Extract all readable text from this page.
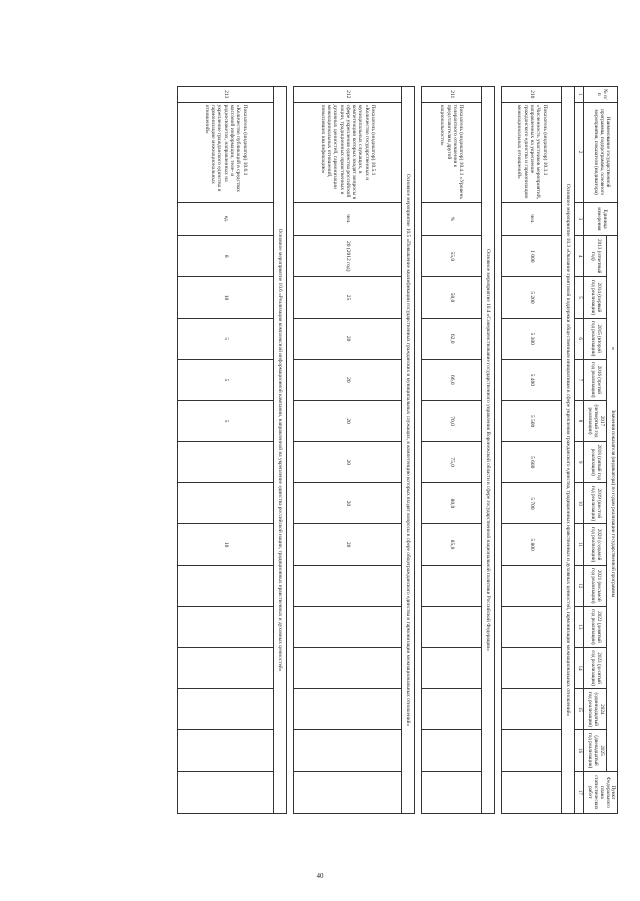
№ п/п	Наименование государственной программы, подпрограммы, основного мероприятия, показателя (индикатора)	Единица измерения	Значения показателя (индикатора) по годам реализации государственной программы													Пункт Федерального плана статистических работ
			2013 (отчетный год)	2014 (первый год реализации)	2015 (второй год реализации)	2016 (третий год реализации)	2017 (четвертый год реализации)	2018 (пятый год реализации)	2019 (шестой год реализации)	2020 (седьмой год реализации)	2021 (восьмой год реализации)	2022 (девятый год реализации)	2023 (десятый год реализации)	2024 (одиннадцатый год реализации)	2025 (двенадцатый год реализации)	
1	2	3	4	5	6	7	8	9	10	11	12	13	14	15	16	17
Основное мероприятие 10.3 «Оказание грантовой поддержки общественным инициативам в сфере укрепления гражданского единства, традиционных нравственных и духовных ценностей, гармонизации межнациональных отношений»																
210	Показатель (индикатор) 10.3.1 «Численность участников мероприятий, направленных на укрепление гражданского единства и гармонизацию межнациональных отношений»	чел.	1 000	5 200	5 300	5 400	5 500	5 600	5 700	5 800						

Основное мероприятие 10.4 «Совершенствование государственного управления Воронежской области в сфере государственной национальной политики Российской Федерации»																
211	Показатель (индикатор) 10.4.1 «Уровень толерантного отношения к представителям другой национальности»	%	55,0	58,0	62,0	66,0	70,0	75,0	80,0	85,0						

Основное мероприятие 10.5 «Повышение квалификации государственных гражданских и муниципальных служащих, в компетенцию которых входят вопросы в сфере общегражданского единства и гармонизации межнациональных отношений»																
212	Показатель (индикатор) 10.5.1 «Количество государственных и муниципальных служащих, в компетенцию которых входят вопросы в сфере укрепления единства российской нации, традиционных нравственных и духовных ценностей, гармонизации межнациональных отношений, повысивших квалификацию»	чел.	20 (2012 год)	25	20	20	20	20	20	20						

Основное мероприятие 10.6 «Реализация комплексной информационной кампании, направленной на укрепление единства российской нации, традиционных нравственных и духовных ценностей»																
213	Показатель (индикатор) 10.6.1 «Количество публикаций в средствах массовой информации, теле- и радиосюжетах, направленных на укрепление гражданского единства и гармонизацию межнациональных отношений»	ед.	8	10	5	5	5			10						
40
8
